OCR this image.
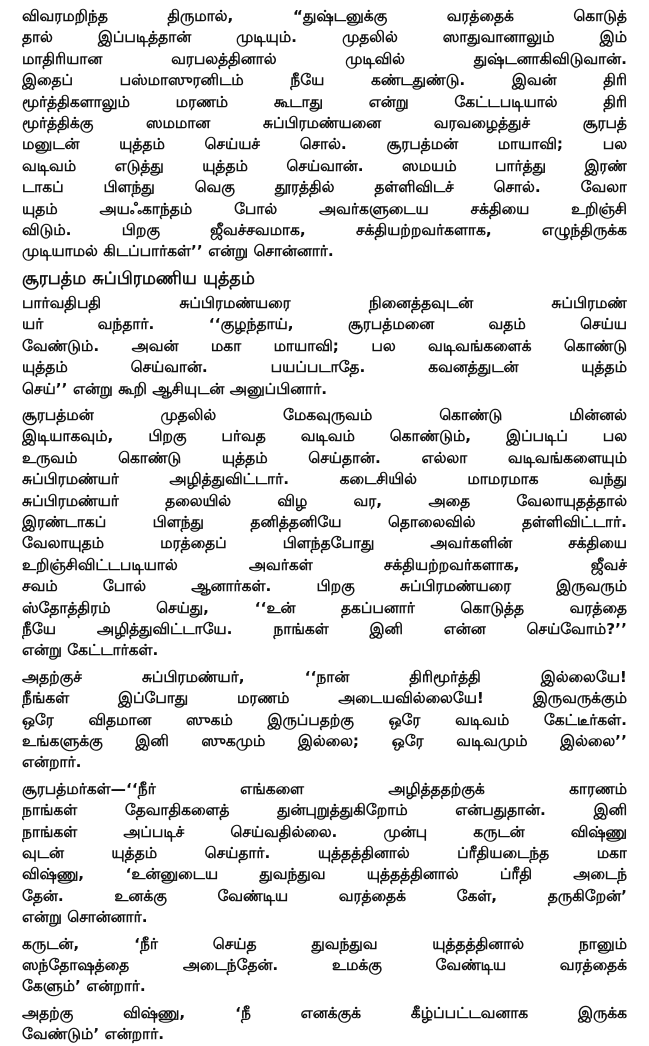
விவரமறிந்த திருமால், “துஷ்டனுக்கு வரத்தைக் கொடுத்
தால் இப்படித்தான் முடியும். முதலில் ஸாதுவானாலும் இம்
மாதிரியான வரபலத்தினால் முடிவில் துஷ்டனாகிவிடுவான்.
இதைப் பஸ்மாஸுரனிடம் நீயே கண்டதுண்டு. இவன் திரி
மூர்த்திகளாலும் மரணம் கூடாது என்று கேட்டபடியால் திரி
மூர்த்திக்கு ஸமமான சுப்பிரமண்யனை வரவழைத்துச் சூரபத்
மனுடன் யுத்தம் செய்யச் சொல். சூரபத்மன் மாயாவி; பல
வடிவம் எடுத்து யுத்தம் செய்வான். ஸமயம் பார்த்து இரண்
டாகப் பிளந்து வெகு தூரத்தில் தள்ளிவிடச் சொல். வேலா
யுதம் அயஃகாந்தம் போல் அவர்களுடைய சக்தியை உறிஞ்சி
விடும். பிறகு ஜீவச்சவமாக, சக்தியற்றவர்களாக, எழுந்திருக்க
முடியாமல் கிடப்பார்கள்’’ என்று சொன்னார்.
சூரபத்ம சுப்பிரமணிய யுத்தம்
பார்வதிபதி சுப்பிரமண்யரை நினைத்தவுடன் சுப்பிரமண்
யர் வந்தார். ‘‘குழந்தாய், சூரபத்மனை வதம் செய்ய
வேண்டும். அவன் மகா மாயாவி; பல வடிவங்களைக் கொண்டு
யுத்தம் செய்வான். பயப்படாதே. கவனத்துடன் யுத்தம்
செய்’’ என்று கூறி ஆசியுடன் அனுப்பினார்.
சூரபத்மன் முதலில் மேகவுருவம் கொண்டு மின்னல்
இடியாகவும், பிறகு பர்வத வடிவம் கொண்டும், இப்படிப் பல
உருவம் கொண்டு யுத்தம் செய்தான். எல்லா வடிவங்களையும்
சுப்பிரமண்யர் அழித்துவிட்டார். கடைசியில் மாமரமாக வந்து
சுப்பிரமண்யர் தலையில் விழ வர, அதை வேலாயுதத்தால்
இரண்டாகப் பிளந்து தனித்தனியே தொலைவில் தள்ளிவிட்டார்.
வேலாயுதம் மரத்தைப் பிளந்தபோது அவர்களின் சக்தியை
உறிஞ்சிவிட்டபடியால் அவர்கள் சக்தியற்றவர்களாக, ஜீவச்
சவம் போல் ஆனார்கள். பிறகு சுப்பிரமண்யரை இருவரும்
ஸ்தோத்திரம் செய்து, ‘‘உன் தகப்பனார் கொடுத்த வரத்தை
நீயே அழித்துவிட்டாயே. நாங்கள் இனி என்ன செய்வோம்?’’
என்று கேட்டார்கள்.
அதற்குச் சுப்பிரமண்யர், ‘‘நான் திரிமூர்த்தி இல்லையே!
நீங்கள் இப்போது மரணம் அடையவில்லையே! இருவருக்கும்
ஒரே விதமான ஸுகம் இருப்பதற்கு ஒரே வடிவம் கேட்டீர்கள்.
உங்களுக்கு இனி ஸுகமும் இல்லை; ஒரே வடிவமும் இல்லை’’
என்றார்.
சூரபத்மர்கள்—‘‘நீர் எங்களை அழித்ததற்குக் காரணம்
நாங்கள் தேவாதிகளைத் துன்புறுத்துகிறோம் என்பதுதான். இனி
நாங்கள் அப்படிச் செய்வதில்லை. முன்பு கருடன் விஷ்ணு
வுடன் யுத்தம் செய்தார். யுத்தத்தினால் ப்ரீதியடைந்த மகா
விஷ்ணு, ‘உன்னுடைய துவந்துவ யுத்தத்தினால் ப்ரீதி அடைந்
தேன். உனக்கு வேண்டிய வரத்தைக் கேள், தருகிறேன்’
என்று சொன்னார்.
கருடன், ‘நீர் செய்த துவந்துவ யுத்தத்தினால் நானும்
ஸந்தோஷத்தை அடைந்தேன். உமக்கு வேண்டிய வரத்தைக்
கேளும்’ என்றார்.
அதற்கு விஷ்ணு, ‘நீ எனக்குக் கீழ்ப்பட்டவனாக இருக்க
வேண்டும்’ என்றார்.
